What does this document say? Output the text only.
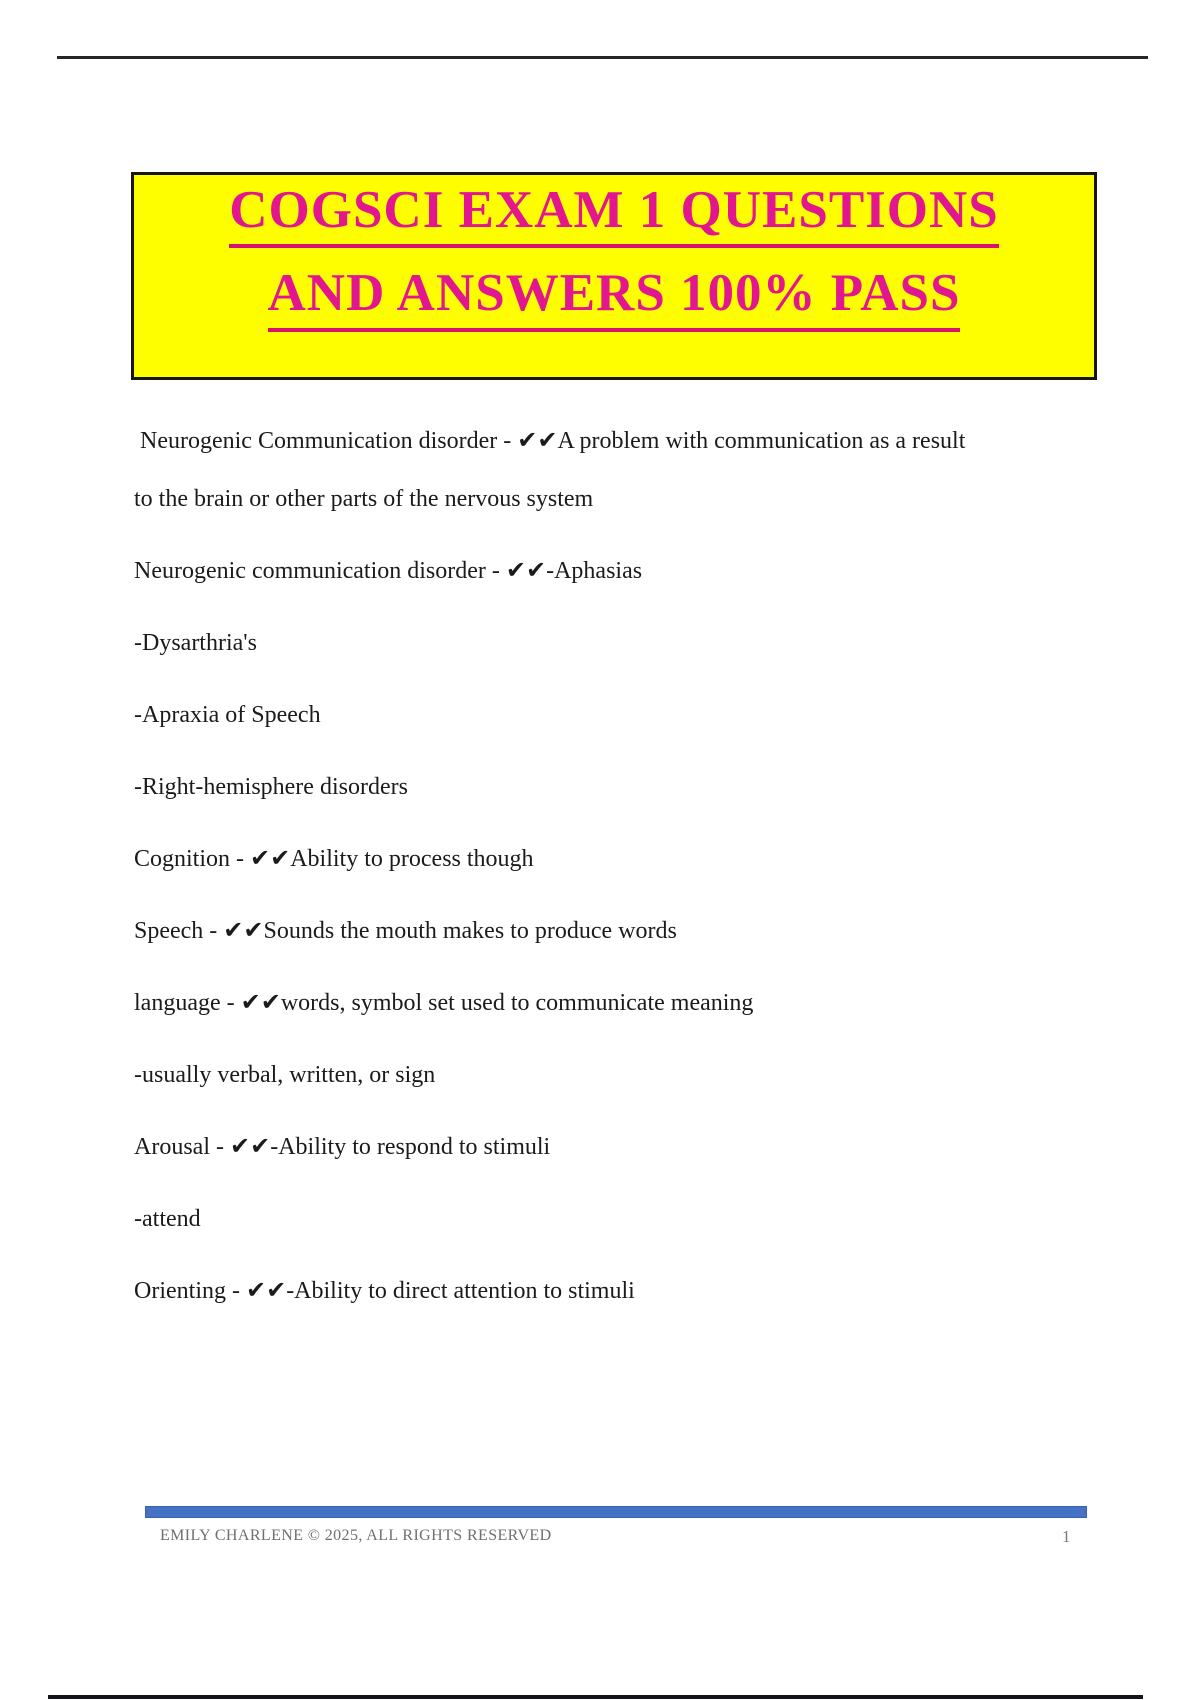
COGSCI EXAM 1 QUESTIONS
AND ANSWERS 100% PASS

Neurogenic Communication disorder - ✔✔A problem with communication as a result
to the brain or other parts of the nervous system

Neurogenic communication disorder - ✔✔-Aphasias

-Dysarthria's

-Apraxia of Speech

-Right-hemisphere disorders

Cognition - ✔✔Ability to process though

Speech - ✔✔Sounds the mouth makes to produce words

language - ✔✔words, symbol set used to communicate meaning

-usually verbal, written, or sign

Arousal - ✔✔-Ability to respond to stimuli

-attend

Orienting - ✔✔-Ability to direct attention to stimuli

EMILY CHARLENE © 2025, ALL RIGHTS RESERVED	1
